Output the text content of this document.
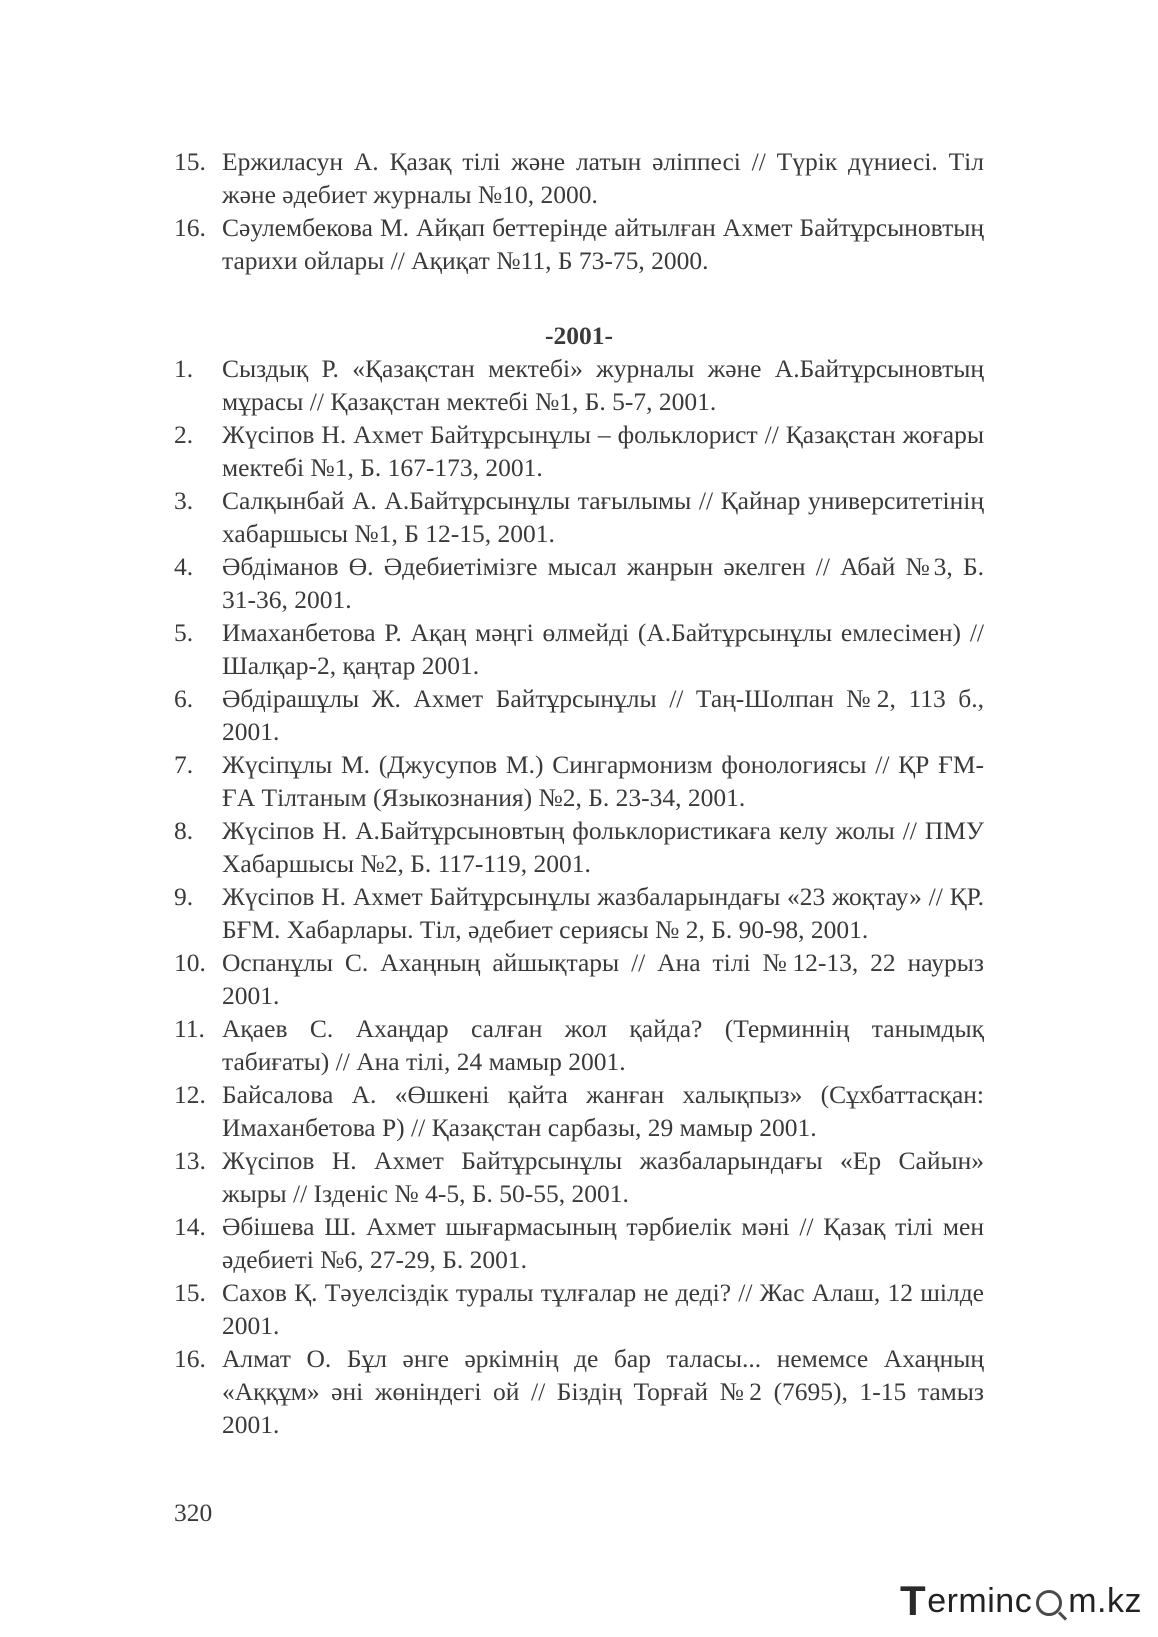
15. Ержиласун А. Қазақ тілі және латын әліппесі // Түрік дүниесі. Тіл және әдебиет журналы №10, 2000.
16. Сәулембекова М. Айқап беттерінде айтылған Ахмет Байтұрсыновтың тарихи ойлары // Ақиқат №11, Б 73-75, 2000.
-2001-
1.	Сыздық Р. «Қазақстан мектебі» журналы және А.Байтұрсыновтың мұрасы // Қазақстан мектебі №1, Б. 5-7, 2001.
2.	Жүсіпов Н. Ахмет Байтұрсынұлы – фольклорист // Қазақстан жоғары мектебі №1, Б. 167-173, 2001.
3.	Салқынбай А. А.Байтұрсынұлы тағылымы // Қайнар университетінің хабаршысы №1, Б 12-15, 2001.
4.	Әбдіманов Ө. Әдебиетімізге мысал жанрын әкелген // Абай №3, Б. 31-36, 2001.
5.	Имаханбетова Р. Ақаң мәңгі өлмейді (А.Байтұрсынұлы емлесімен) // Шалқар-2, қаңтар 2001.
6.	Әбдірашұлы Ж. Ахмет Байтұрсынұлы // Таң-Шолпан №2, 113 б., 2001.
7.	Жүсіпұлы М. (Джусупов М.) Сингармонизм фонологиясы // ҚР ҒМ-ҒА Тілтаным (Языкознания) №2, Б. 23-34, 2001.
8.	Жүсіпов Н. А.Байтұрсыновтың фольклористикаға келу жолы // ПМУ Хабаршысы №2, Б. 117-119, 2001.
9.	Жүсіпов Н. Ахмет Байтұрсынұлы жазбаларындағы «23 жоқтау» // ҚР. БҒМ. Хабарлары. Тіл, әдебиет сериясы № 2, Б. 90-98, 2001.
10. Оспанұлы С. Ахаңның айшықтары // Ана тілі №12-13, 22 наурыз 2001.
11. Ақаев С. Ахаңдар салған жол қайда? (Терминнің танымдық табиғаты) // Ана тілі, 24 мамыр 2001.
12. Байсалова А. «Өшкені қайта жанған халықпыз» (Сұхбаттасқан: Имаханбетова Р) // Қазақстан сарбазы, 29 мамыр 2001.
13. Жүсіпов Н. Ахмет Байтұрсынұлы жазбаларындағы «Ер Сайын» жыры // Ізденіс № 4-5, Б. 50-55, 2001.
14. Әбішева Ш. Ахмет шығармасының тәрбиелік мәні // Қазақ тілі мен әдебиеті №6, 27-29, Б. 2001.
15. Сахов Қ. Тәуелсіздік туралы тұлғалар не деді? // Жас Алаш, 12 шілде 2001.
16. Алмат О. Бұл әнге әркімнің де бар таласы... немемсе Ахаңның «Аққұм» әні жөніндегі ой // Біздің Торғай №2 (7695), 1-15 тамыз 2001.
320
T erminc m.kz
